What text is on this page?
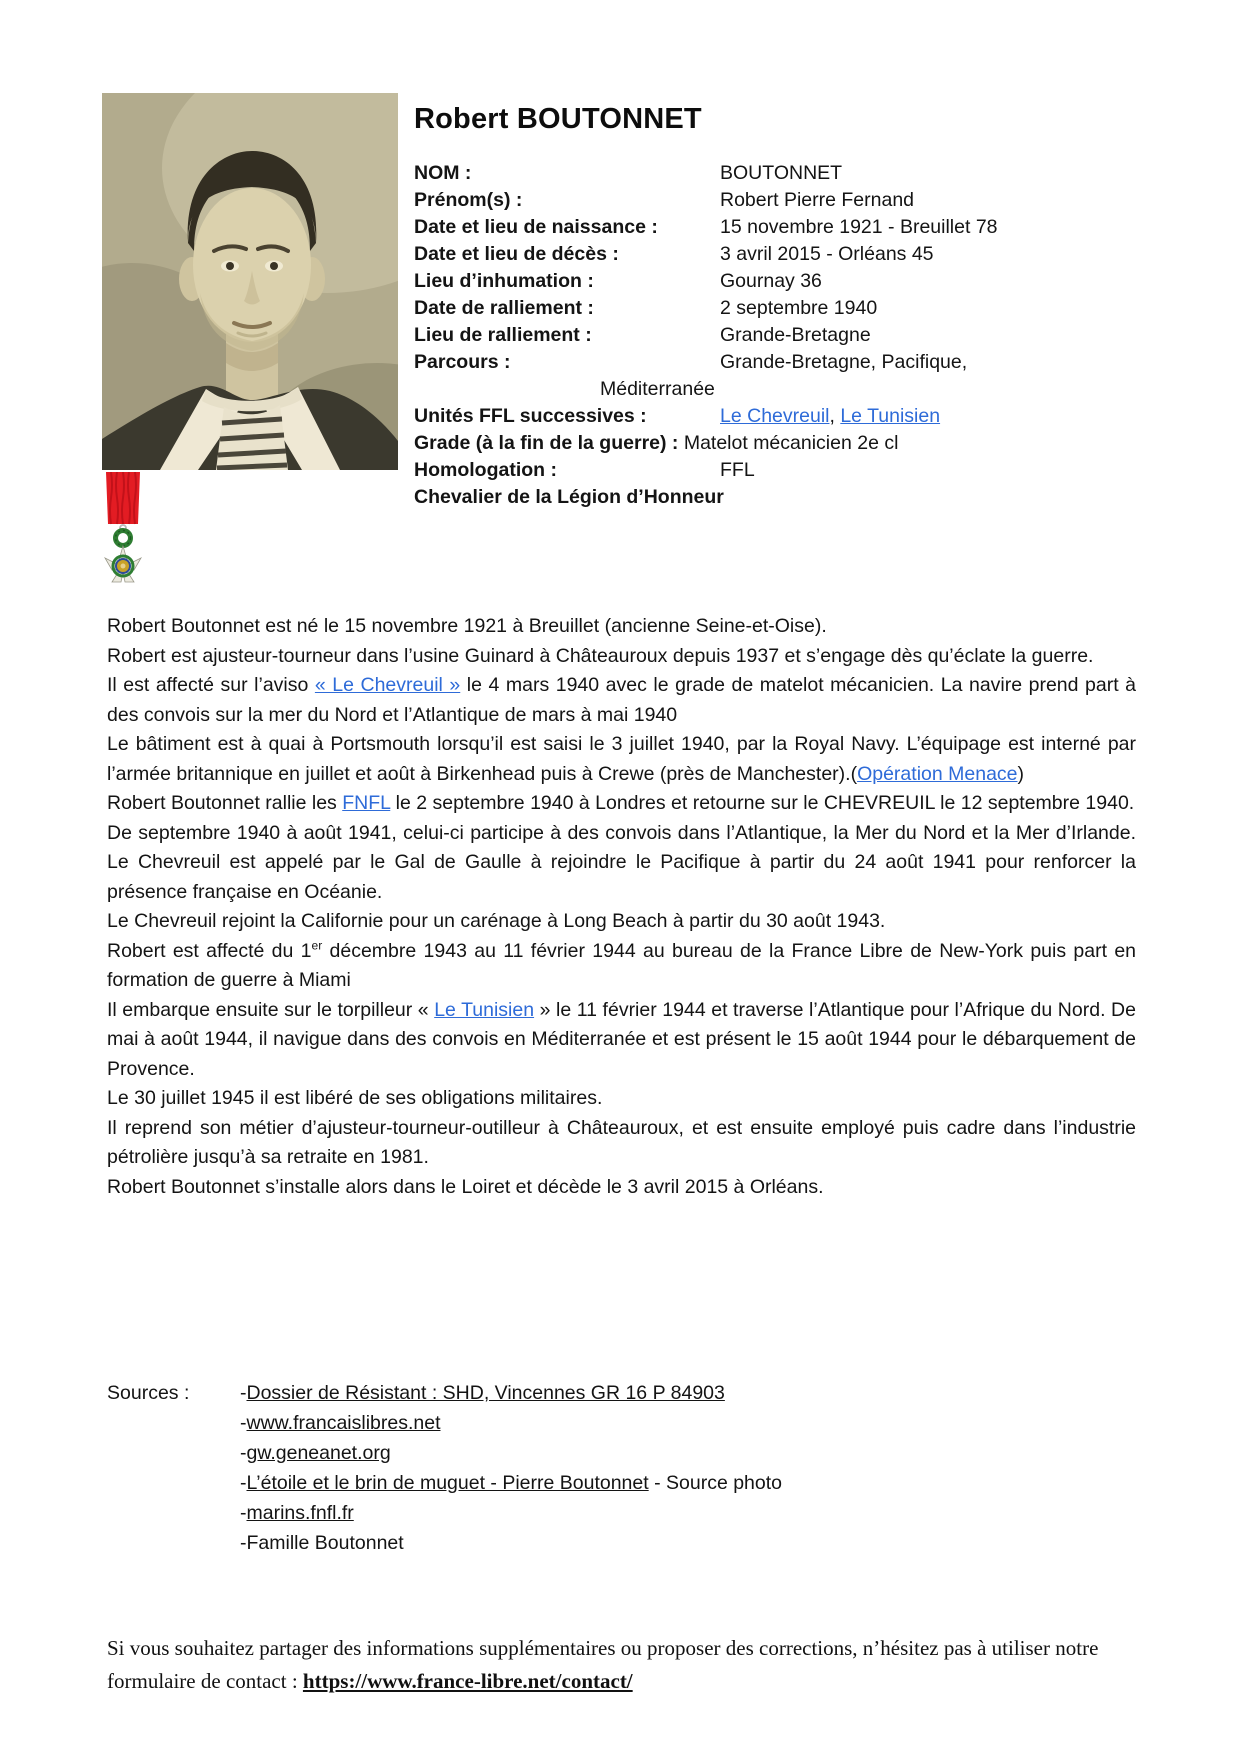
Robert BOUTONNET
NOM :	BOUTONNET
Prénom(s) :	Robert Pierre Fernand
Date et lieu de naissance :	15 novembre 1921 - Breuillet 78
Date et lieu de décès :	3 avril 2015 - Orléans 45
Lieu d’inhumation :	Gournay 36
Date de ralliement :	2 septembre 1940
Lieu de ralliement :	Grande-Bretagne
Parcours :	Grande-Bretagne, Pacifique,
Méditerranée
Unités FFL successives :	Le Chevreuil, Le Tunisien
Grade (à la fin de la guerre) : Matelot mécanicien 2e cl
Homologation :	FFL
Chevalier de la Légion d’Honneur

Robert Boutonnet est né le 15 novembre 1921 à Breuillet (ancienne Seine-et-Oise).

Robert est ajusteur-tourneur dans l’usine Guinard à Châteauroux depuis 1937 et s’engage dès qu’éclate la guerre.

Il est affecté sur l’aviso « Le Chevreuil » le 4 mars 1940 avec le grade de matelot mécanicien. La navire prend part à des convois sur la mer du Nord et l’Atlantique de mars à mai 1940

Le bâtiment est à quai à Portsmouth lorsqu’il est saisi le 3 juillet 1940, par la Royal Navy. L’équipage est interné par l’armée britannique en juillet et août à Birkenhead puis à Crewe (près de Manchester).(Opération Menace)

Robert Boutonnet rallie les FNFL le 2 septembre 1940 à Londres et retourne sur le CHEVREUIL le 12 septembre 1940.

De septembre 1940 à août 1941, celui-ci participe à des convois dans l’Atlantique, la Mer du Nord et la Mer d’Irlande. Le Chevreuil est appelé par le Gal de Gaulle à rejoindre le Pacifique à partir du 24 août 1941 pour renforcer la présence française en Océanie.

Le Chevreuil rejoint la Californie pour un carénage à Long Beach à partir du 30 août 1943.

Robert est affecté du 1er décembre 1943 au 11 février 1944 au bureau de la France Libre de New-York puis part en formation de guerre à Miami

Il embarque ensuite sur le torpilleur « Le Tunisien » le 11 février 1944 et traverse l’Atlantique pour l’Afrique du Nord. De mai à août 1944, il navigue dans des convois en Méditerranée et est présent le 15 août 1944 pour le débarquement de Provence.

Le 30 juillet 1945 il est libéré de ses obligations militaires.

Il reprend son métier d’ajusteur-tourneur-outilleur à Châteauroux, et est ensuite employé puis cadre dans l’industrie pétrolière jusqu’à sa retraite en 1981.

Robert Boutonnet s’installe alors dans le Loiret et décède le 3 avril 2015 à Orléans.

Sources :	-Dossier de Résistant : SHD, Vincennes GR 16 P 84903
-www.francaislibres.net
-gw.geneanet.org
-L’étoile et le brin de muguet - Pierre Boutonnet - Source photo
-marins.fnfl.fr
-Famille Boutonnet
Si vous souhaitez partager des informations supplémentaires ou proposer des corrections, n’hésitez pas à utiliser notre formulaire de contact : https://www.france-libre.net/contact/
